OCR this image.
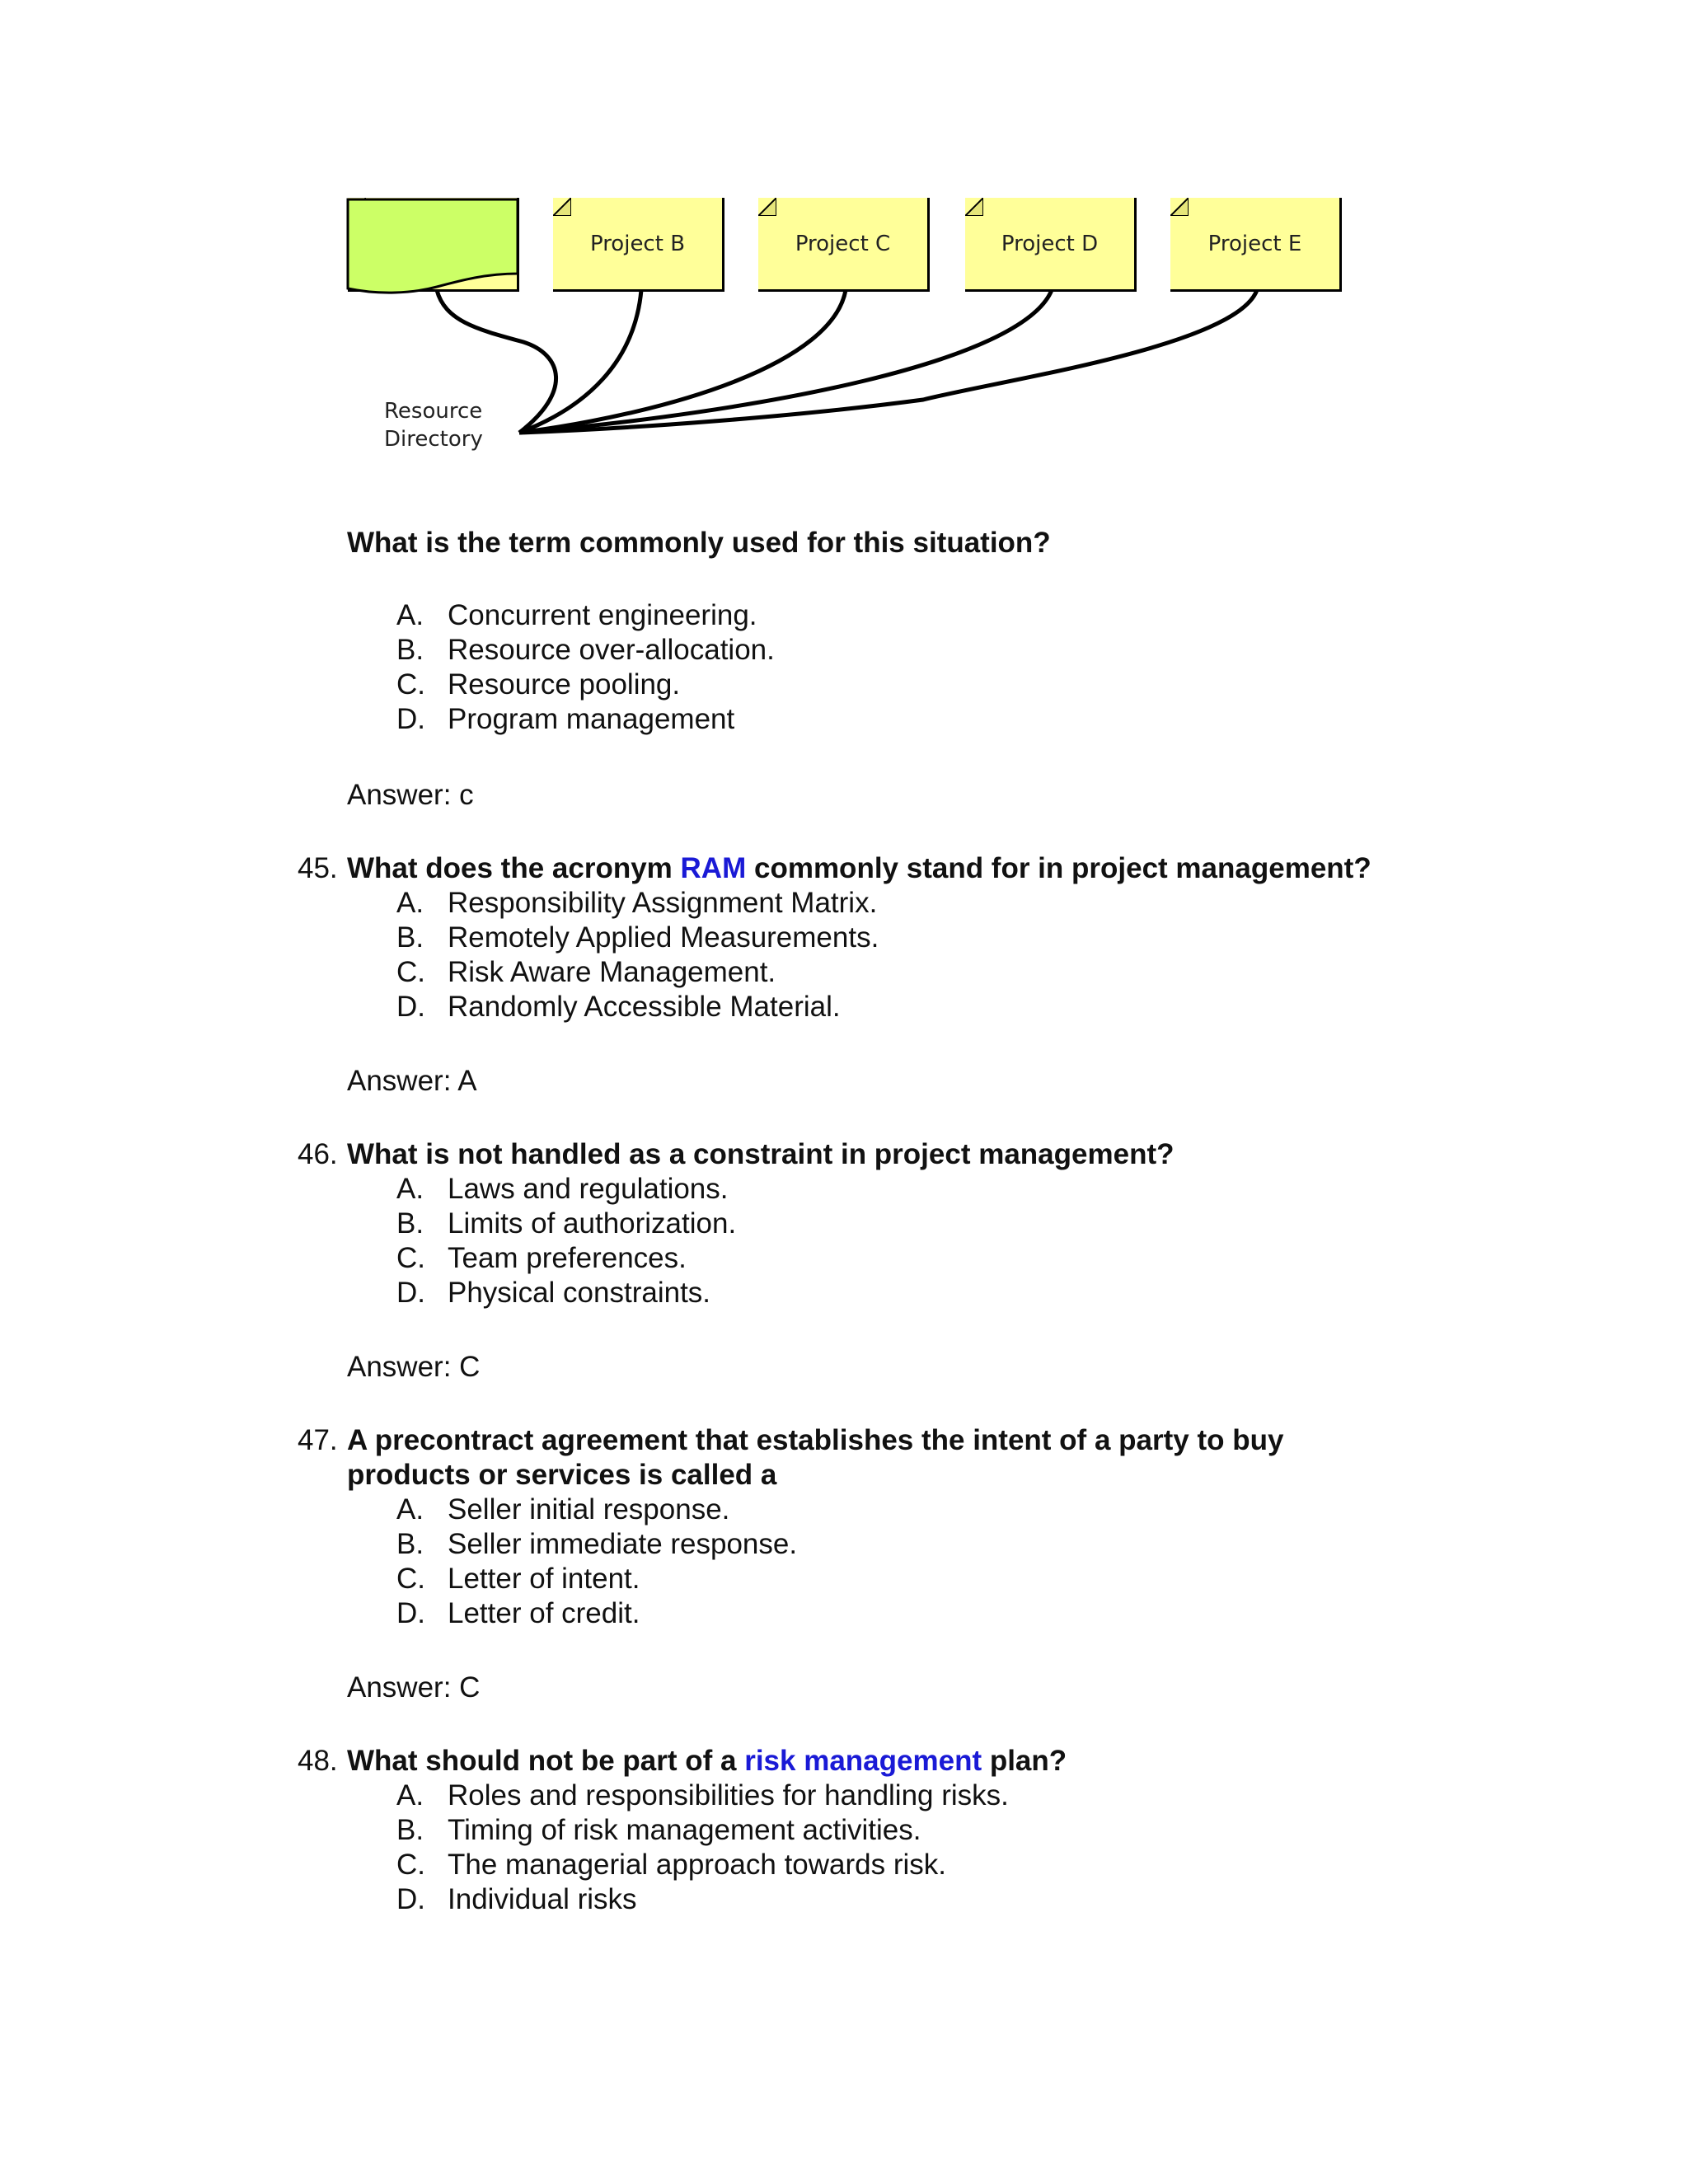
Project B	Project C	Project D	Project E
Resource
Directory
What is the term commonly used for this situation?
A. Concurrent engineering.
B. Resource over-allocation.
C. Resource pooling.
D. Program management
Answer: c
45. What does the acronym RAM commonly stand for in project management?
A. Responsibility Assignment Matrix.
B. Remotely Applied Measurements.
C. Risk Aware Management.
D. Randomly Accessible Material.
Answer: A
46. What is not handled as a constraint in project management?
A. Laws and regulations.
B. Limits of authorization.
C. Team preferences.
D. Physical constraints.
Answer: C
47. A precontract agreement that establishes the intent of a party to buy
products or services is called a
A. Seller initial response.
B. Seller immediate response.
C. Letter of intent.
D. Letter of credit.
Answer: C
48. What should not be part of a risk management plan?
A. Roles and responsibilities for handling risks.
B. Timing of risk management activities.
C. The managerial approach towards risk.
D. Individual risks
